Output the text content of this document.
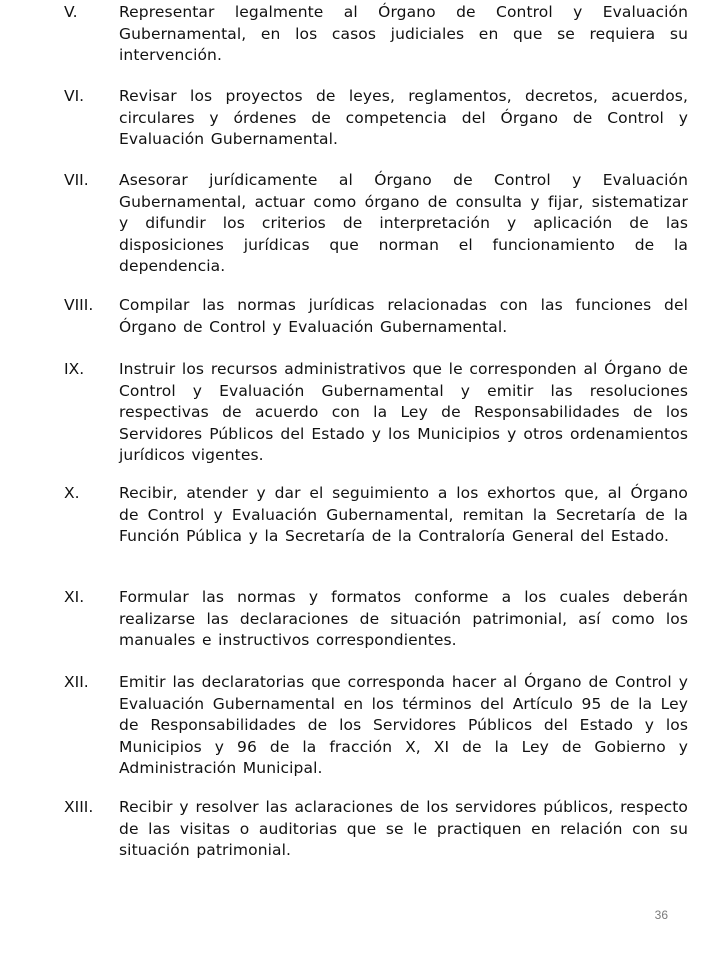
V.	Representar legalmente al Órgano de Control y Evaluación Gubernamental, en los casos judiciales en que se requiera su intervención.
VI.	Revisar los proyectos de leyes, reglamentos, decretos, acuerdos, circulares y órdenes de competencia del Órgano de Control y Evaluación Gubernamental.
VII.	Asesorar jurídicamente al Órgano de Control y Evaluación Gubernamental, actuar como órgano de consulta y fijar, sistematizar y difundir los criterios de interpretación y aplicación de las disposiciones jurídicas que norman el funcionamiento de la dependencia.
VIII.	Compilar las normas jurídicas relacionadas con las funciones del Órgano de Control y Evaluación Gubernamental.
IX.	Instruir los recursos administrativos que le corresponden al Órgano de Control y Evaluación Gubernamental y emitir las resoluciones respectivas de acuerdo con la Ley de Responsabilidades de los Servidores Públicos del Estado y los Municipios y otros ordenamientos jurídicos vigentes.
X.	Recibir, atender y dar el seguimiento a los exhortos que, al Órgano de Control y Evaluación Gubernamental, remitan la Secretaría de la Función Pública y la Secretaría de la Contraloría General del Estado.
XI.	Formular las normas y formatos conforme a los cuales deberán realizarse las declaraciones de situación patrimonial, así como los manuales e instructivos correspondientes.
XII.	Emitir las declaratorias que corresponda hacer al Órgano de Control y Evaluación Gubernamental en los términos del Artículo 95 de la Ley de Responsabilidades de los Servidores Públicos del Estado y los Municipios y 96 de la fracción X, XI de la Ley de Gobierno y Administración Municipal.
XIII.	Recibir y resolver las aclaraciones de los servidores públicos, respecto de las visitas o auditorias que se le practiquen en relación con su situación patrimonial.
36
